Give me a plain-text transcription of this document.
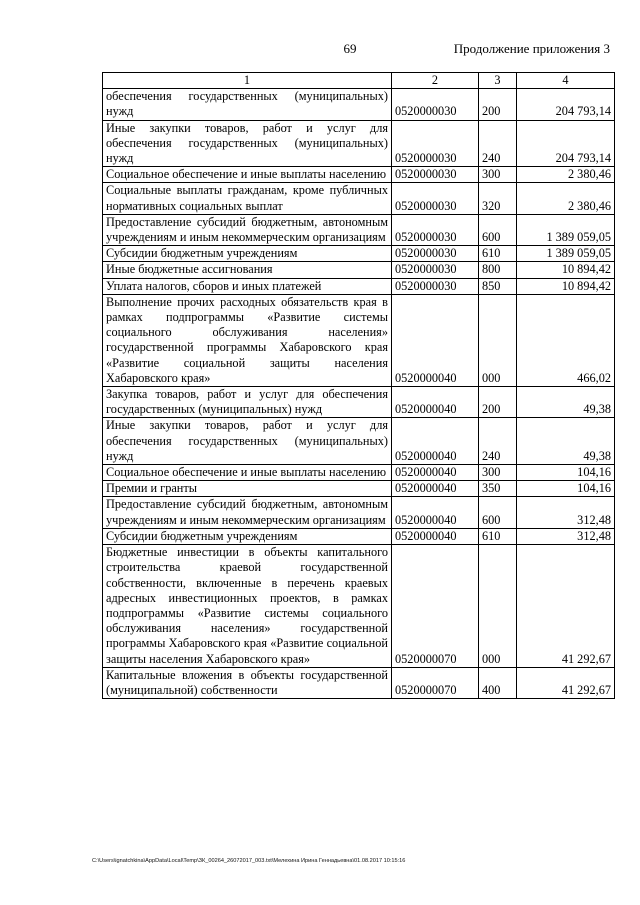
69	Продолжение приложения 3
1	2	3	4
обеспечения государственных (муниципальных) нужд	0520000030	200	204 793,14
Иные закупки товаров, работ и услуг для обеспечения государственных (муниципальных) нужд	0520000030	240	204 793,14
Социальное обеспечение и иные выплаты населению	0520000030	300	2 380,46
Социальные выплаты гражданам, кроме публичных нормативных социальных выплат	0520000030	320	2 380,46
Предоставление субсидий бюджетным, автономным учреждениям и иным некоммерческим организациям	0520000030	600	1 389 059,05
Субсидии бюджетным учреждениям	0520000030	610	1 389 059,05
Иные бюджетные ассигнования	0520000030	800	10 894,42
Уплата налогов, сборов и иных платежей	0520000030	850	10 894,42
Выполнение прочих расходных обязательств края в рамках подпрограммы «Развитие системы социального обслуживания населения» государственной программы Хабаровского края «Развитие социальной защиты населения Хабаровского края»	0520000040	000	466,02
Закупка товаров, работ и услуг для обеспечения государственных (муниципальных) нужд	0520000040	200	49,38
Иные закупки товаров, работ и услуг для обеспечения государственных (муниципальных) нужд	0520000040	240	49,38
Социальное обеспечение и иные выплаты населению	0520000040	300	104,16
Премии и гранты	0520000040	350	104,16
Предоставление субсидий бюджетным, автономным учреждениям и иным некоммерческим организациям	0520000040	600	312,48
Субсидии бюджетным учреждениям	0520000040	610	312,48
Бюджетные инвестиции в объекты капитального строительства краевой государственной собственности, включенные в перечень краевых адресных инвестиционных проектов, в рамках подпрограммы «Развитие системы социального обслуживания населения» государственной программы Хабаровского края «Развитие социальной защиты населения Хабаровского края»	0520000070	000	41 292,67
Капитальные вложения в объекты государственной (муниципальной) собственности	0520000070	400	41 292,67
C:\Users\ignatchkina\AppData\Local\Temp\ЗК_00264_26072017_003.txt\Мелехина Ирина Геннадьевна\01.08.2017 10:15:16
